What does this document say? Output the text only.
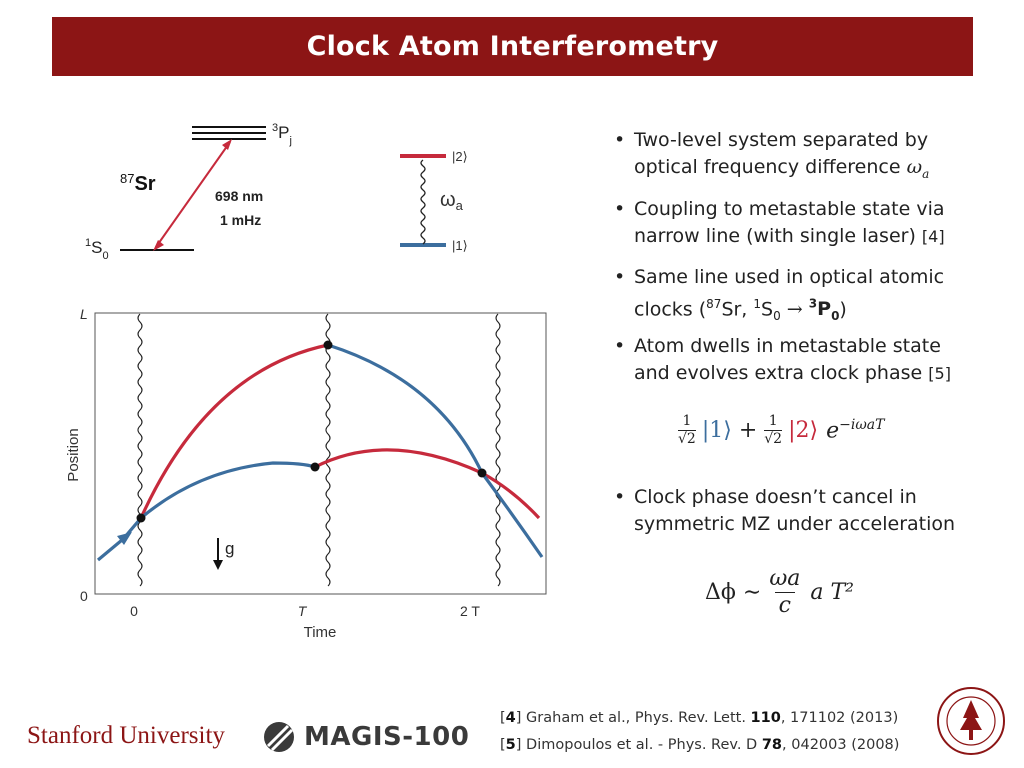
Clock Atom Interferometry
$^3P_j$
$^{87}$Sr
698 nm
1 mHz
$^1S_0$
|2⟩
|1⟩
$\omega_a$
L
0
Position
0	T	2 T
Time
g
• Two-level system separated by
optical frequency difference $\omega_a$
• Coupling to metastable state via
narrow line (with single laser) [4]
• Same line used in optical atomic
clocks ($^{87}$Sr, $^1S_0 \to ^3P_0$)
• Atom dwells in metastable state
and evolves extra clock phase [5]
• Clock phase doesn’t cancel in
symmetric MZ under acceleration
1
√2 |1⟩ + $\frac{1}{√2}$ |2⟩ $e^{-i\omega aT}$
Δϕ ∼
ωa
c
a T²
[4] Graham et al., Phys. Rev. Lett. 110, 171102 (2013)
[5] Dimopoulos et al. - Phys. Rev. D 78, 042003 (2008)
Stanford University	MAGIS-100
